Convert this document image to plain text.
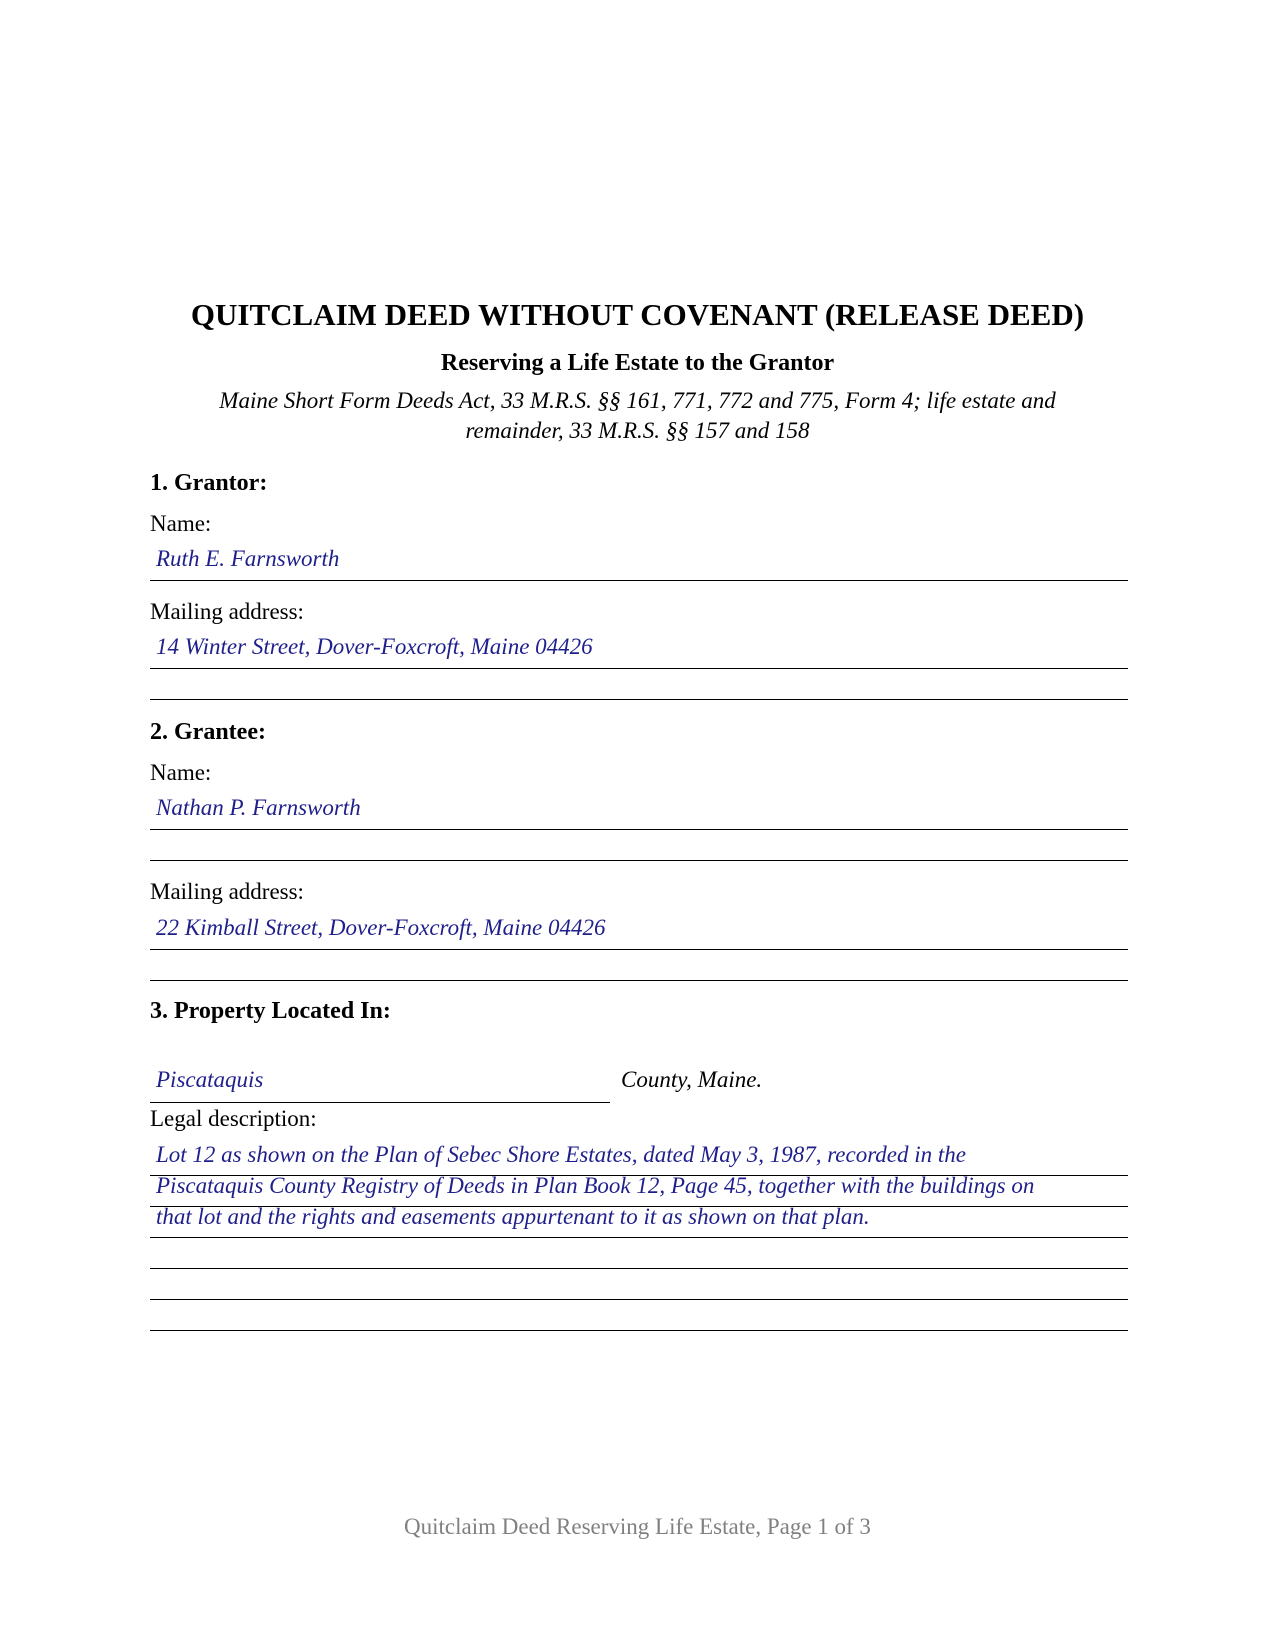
QUITCLAIM DEED WITHOUT COVENANT (RELEASE DEED)
Reserving a Life Estate to the Grantor
Maine Short Form Deeds Act, 33 M.R.S. §§ 161, 771, 772 and 775, Form 4; life estate and
remainder, 33 M.R.S. §§ 157 and 158
1. Grantor:
Name:
Ruth E. Farnsworth
Mailing address:
14 Winter Street, Dover-Foxcroft, Maine 04426
2. Grantee:
Name:
Nathan P. Farnsworth
Mailing address:
22 Kimball Street, Dover-Foxcroft, Maine 04426
3. Property Located In:
Piscataquis	County, Maine.
Legal description:
Lot 12 as shown on the Plan of Sebec Shore Estates, dated May 3, 1987, recorded in the
Piscataquis County Registry of Deeds in Plan Book 12, Page 45, together with the buildings on
that lot and the rights and easements appurtenant to it as shown on that plan.
Quitclaim Deed Reserving Life Estate, Page 1 of 3
